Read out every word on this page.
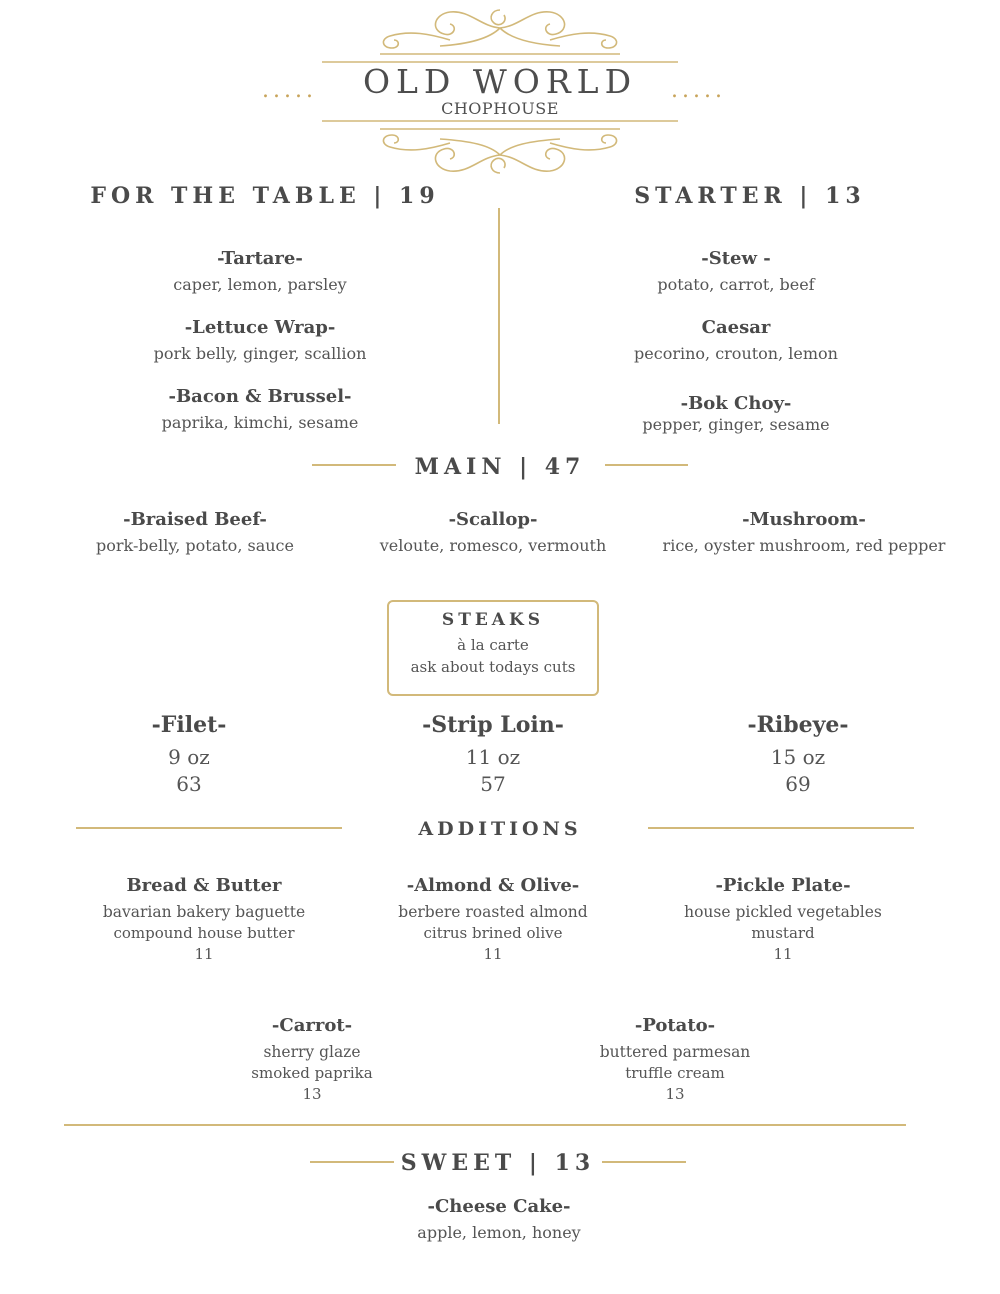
.....	.....
OLD WORLD
CHOPHOUSE
FOR THE TABLE | 19	STARTER | 13
-Tartare-
caper, lemon, parsley
-Lettuce Wrap-
pork belly, ginger, scallion
-Bacon & Brussel-
paprika, kimchi, sesame
-Stew -
potato, carrot, beef
Caesar
pecorino, crouton, lemon
-Bok Choy-
pepper, ginger, sesame
MAIN | 47
-Braised Beef-
pork-belly, potato, sauce
-Scallop-
veloute, romesco, vermouth
-Mushroom-
rice, oyster mushroom, red pepper
STEAKS
à la carte
ask about todays cuts
-Filet-
9 oz
63
-Strip Loin-
11 oz
57
-Ribeye-
15 oz
69
ADDITIONS
Bread & Butter
bavarian bakery baguette
compound house butter
11
-Almond & Olive-
berbere roasted almond
citrus brined olive
11
-Pickle Plate-
house pickled vegetables
mustard
11
-Carrot-
sherry glaze
smoked paprika
13
-Potato-
buttered parmesan
truffle cream
13
SWEET | 13
-Cheese Cake-
apple, lemon, honey
